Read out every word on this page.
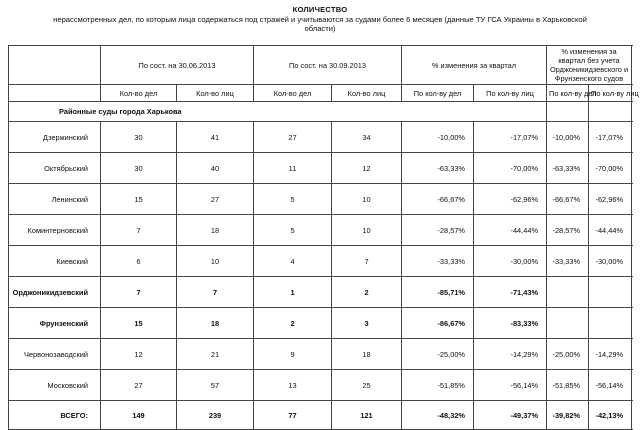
КОЛИЧЕСТВО
нерассмотренных дел, по которым лица содержаться под стражей и учитываются за судами более 6 месяцев (данные ТУ ГСА Украины в Харьковской области)
	По сост. на 30.06.2013		По сост. на 30.09.2013		% изменения за квартал		% изменения за квартал без учета Орджоникидзевского и Фрунзенского судов	
	Кол-во дел	Кол-во лиц	Кол-во дел	Кол-во лиц	По кол-ву дел	По кол-ву лиц	По кол-ву дел	По кол-ву лиц
Районные суды города Харькова								
Дзержинский	30	41	27	34	-10,00%	-17,07%	-10,00%	-17,07%
Октябрьский	30	40	11	12	-63,33%	-70,00%	-63,33%	-70,00%
Ленинский	15	27	5	10	-66,67%	-62,96%	-66,67%	-62,96%
Коминтерновский	7	18	5	10	-28,57%	-44,44%	-28,57%	-44,44%
Киевский	6	10	4	7	-33,33%	-30,00%	-33,33%	-30,00%
Орджоникидзевский	7	7	1	2	-85,71%	-71,43%		
Фрунзенский	15	18	2	3	-86,67%	-83,33%		
Червонозаводский	12	21	9	18	-25,00%	-14,29%	-25,00%	-14,29%
Московский	27	57	13	25	-51,85%	-56,14%	-51,85%	-56,14%
ВСЕГО:	149	239	77	121	-48,32%	-49,37%	-39,82%	-42,13%
